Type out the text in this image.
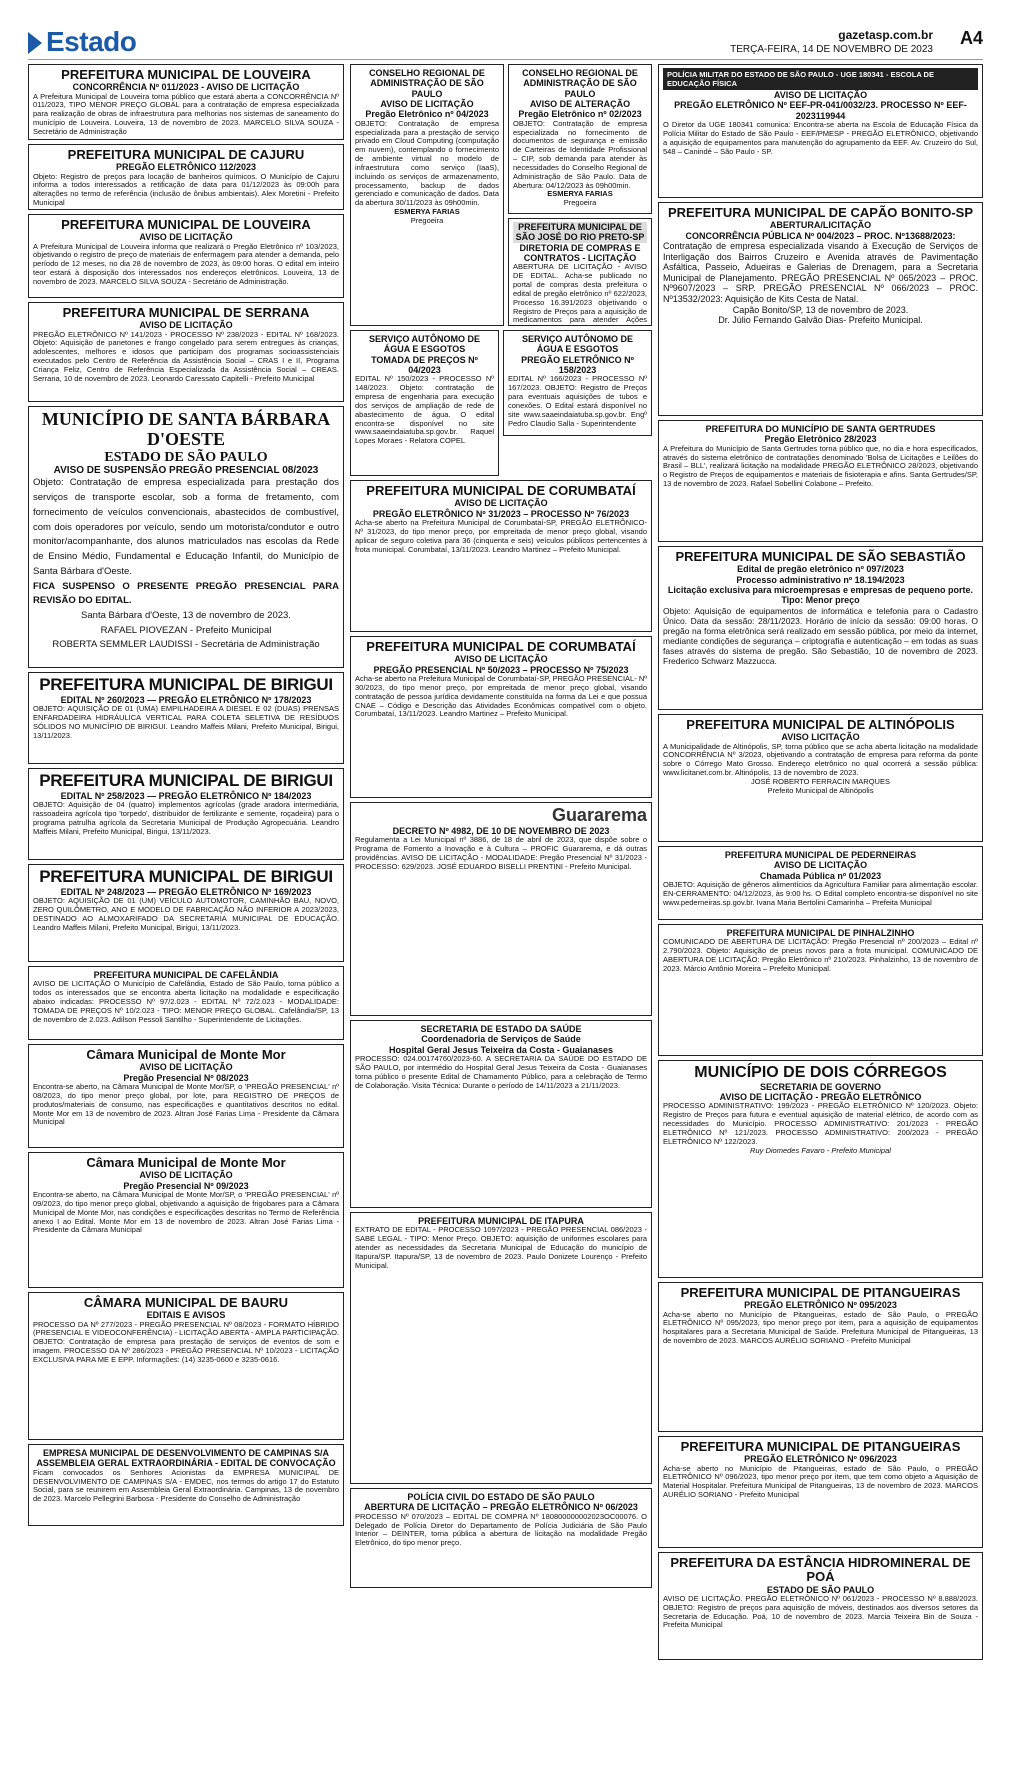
Estado	gazetasp.com.br
TERÇA-FEIRA, 14 DE NOVEMBRO DE 2023
A4
PREFEITURA MUNICIPAL DE LOUVEIRA
CONCORRÊNCIA Nº 011/2023 - AVISO DE LICITAÇÃO

A Prefeitura Municipal de Louveira torna público que estará aberta a CONCORRÊNCIA Nº 011/2023, TIPO MENOR PREÇO GLOBAL para a contratação de empresa especializada para realização de obras de infraestrutura para melhorias nos sistemas de saneamento do município de Louveira. Louveira, 13 de novembro de 2023. MARCELO SILVA SOUZA - Secretário de Administração

PREFEITURA MUNICIPAL DE CAJURU
PREGÃO ELETRÔNICO 112/2023

Objeto: Registro de preços para locação de banheiros químicos. O Município de Cajuru informa a todos interessados a retificação de data para 01/12/2023 às 09:00h para alterações no termo de referência (inclusão de ônibus ambientais). Alex Moretini - Prefeito Municipal

PREFEITURA MUNICIPAL DE LOUVEIRA
AVISO DE LICITAÇÃO

A Prefeitura Municipal de Louveira informa que realizará o Pregão Eletrônico nº 103/2023, objetivando o registro de preço de materiais de enfermagem para atender a demanda, pelo período de 12 meses, no dia 28 de novembro de 2023, às 09:00 horas. O edital em inteiro teor estará à disposição dos interessados nos endereços eletrônicos. Louveira, 13 de novembro de 2023. MARCELO SILVA SOUZA - Secretário de Administração.

PREFEITURA MUNICIPAL DE SERRANA
AVISO DE LICITAÇÃO

PREGÃO ELETRÔNICO Nº 141/2023 - PROCESSO Nº 238/2023 - EDITAL Nº 168/2023. Objeto: Aquisição de panetones e frango congelado para serem entregues às crianças, adolescentes, melhores e idosos que participam dos programas socioassistenciais executados pelo Centro de Referência da Assistência Social – CRAS I e II, Programa Criança Feliz, Centro de Referência Especializada da Assistência Social – CREAS. Serrana, 10 de novembro de 2023. Leonardo Caressato Capitelli - Prefeito Municipal

MUNICÍPIO DE SANTA BÁRBARA D'OESTE
ESTADO DE SÃO PAULO
AVISO DE SUSPENSÃO PREGÃO PRESENCIAL 08/2023

Objeto: Contratação de empresa especializada para prestação dos serviços de transporte escolar, sob a forma de fretamento, com fornecimento de veículos convencionais, abastecidos de combustível, com dois operadores por veículo, sendo um motorista/condutor e outro monitor/acompanhante, dos alunos matriculados nas escolas da Rede de Ensino Médio, Fundamental e Educação Infantil, do Município de Santa Bárbara d'Oeste.

FICA SUSPENSO O PRESENTE PREGÃO PRESENCIAL PARA REVISÃO DO EDITAL.

Santa Bárbara d'Oeste, 13 de novembro de 2023.

RAFAEL PIOVEZAN - Prefeito Municipal

ROBERTA SEMMLER LAUDISSI - Secretária de Administração

PREFEITURA MUNICIPAL DE BIRIGUI
EDITAL Nº 260/2023 — PREGÃO ELETRÔNICO Nº 178/2023

OBJETO: AQUISIÇÃO DE 01 (UMA) EMPILHADEIRA A DIESEL E 02 (DUAS) PRENSAS ENFARDADEIRA HIDRÁULICA VERTICAL PARA COLETA SELETIVA DE RESÍDUOS SÓLIDOS NO MUNICÍPIO DE BIRIGUI. Leandro Maffeis Milani, Prefeito Municipal, Birigui, 13/11/2023.

PREFEITURA MUNICIPAL DE BIRIGUI
EDITAL Nº 258/2023 — PREGÃO ELETRÔNICO Nº 184/2023

OBJETO: Aquisição de 04 (quatro) implementos agrícolas (grade aradora intermediária, rassoadeira agrícola tipo 'torpedo', distribuidor de fertilizante e semente, roçadeira) para o programa patrulha agrícola da Secretaria Municipal de Produção Agropecuária. Leandro Maffeis Milani, Prefeito Municipal, Birigui, 13/11/2023.

PREFEITURA MUNICIPAL DE BIRIGUI
EDITAL Nº 248/2023 — PREGÃO ELETRÔNICO Nº 169/2023

OBJETO: AQUISIÇÃO DE 01 (UM) VEÍCULO AUTOMOTOR, CAMINHÃO BAU, NOVO, ZERO QUILÔMETRO, ANO E MODELO DE FABRICAÇÃO NÃO INFERIOR A 2023/2023, DESTINADO AO ALMOXARIFADO DA SECRETARIA MUNICIPAL DE EDUCAÇÃO. Leandro Maffeis Milani, Prefeito Municipal, Birigui, 13/11/2023.

PREFEITURA MUNICIPAL DE CAFELÂNDIA

AVISO DE LICITAÇÃO O Município de Cafelândia, Estado de São Paulo, torna público a todos os interessados que se encontra aberta licitação na modalidade e especificação abaixo indicadas: PROCESSO Nº 97/2.023 - EDITAL Nº 72/2.023 - MODALIDADE: TOMADA DE PREÇOS Nº 10/2.023 - TIPO: MENOR PREÇO GLOBAL. Cafelândia/SP, 13 de novembro de 2.023. Adilson Pessoli Santilho - Superintendente de Licitações.

Câmara Municipal de Monte Mor
AVISO DE LICITAÇÃO
Pregão Presencial Nº 08/2023

Encontra-se aberto, na Câmara Municipal de Monte Mor/SP, o 'PREGÃO PRESENCIAL' nº 08/2023, do tipo menor preço global, por lote, para REGISTRO DE PREÇOS de produtos/materiais de consumo, nas especificações e quantitativos descritos no edital. Monte Mor em 13 de novembro de 2023. Altran José Farias Lima - Presidente da Câmara Municipal

Câmara Municipal de Monte Mor
AVISO DE LICITAÇÃO
Pregão Presencial Nº 09/2023

Encontra-se aberto, na Câmara Municipal de Monte Mor/SP, o 'PREGÃO PRESENCIAL' nº 09/2023, do tipo menor preço global, objetivando a aquisição de frigobares para a Câmara Municipal de Monte Mor, nas condições e especificações descritas no Termo de Referência anexo I ao Edital. Monte Mor em 13 de novembro de 2023. Altran José Farias Lima - Presidente da Câmara Municipal

CÂMARA MUNICIPAL DE BAURU
EDITAIS E AVISOS

PROCESSO DA Nº 277/2023 - PREGÃO PRESENCIAL Nº 08/2023 - FORMATO HÍBRIDO (PRESENCIAL E VIDEOCONFERÊNCIA) - LICITAÇÃO ABERTA - AMPLA PARTICIPAÇÃO. OBJETO: Contratação de empresa para prestação de serviços de eventos de som e imagem. PROCESSO DA Nº 286/2023 - PREGÃO PRESENCIAL Nº 10/2023 - LICITAÇÃO EXCLUSIVA PARA ME E EPP. Informações: (14) 3235-0600 e 3235-0616.

EMPRESA MUNICIPAL DE DESENVOLVIMENTO DE CAMPINAS S/A
ASSEMBLEIA GERAL EXTRAORDINÁRIA - EDITAL DE CONVOCAÇÃO

Ficam convocados os Senhores Acionistas da EMPRESA MUNICIPAL DE DESENVOLVIMENTO DE CAMPINAS S/A - EMDEC, nos termos do artigo 17 do Estatuto Social, para se reunirem em Assembleia Geral Extraordinária. Campinas, 13 de novembro de 2023. Marcelo Pellegrini Barbosa - Presidente do Conselho de Administração

CONSELHO REGIONAL DE ADMINISTRAÇÃO DE SÃO PAULO
AVISO DE LICITAÇÃO
Pregão Eletrônico nº 04/2023

OBJETO: Contratação de empresa especializada para a prestação de serviço privado em Cloud Computing (computação em nuvem), contemplando o fornecimento de ambiente virtual no modelo de infraestrutura como serviço (IaaS), incluindo os serviços de armazenamento, processamento, backup de dados gerenciado e comunicação de dados. Data da abertura 30/11/2023 às 09h00min.

ESMERYA FARIAS

Pregoeira

CONSELHO REGIONAL DE ADMINISTRAÇÃO DE SÃO PAULO
AVISO DE ALTERAÇÃO
Pregão Eletrônico nº 02/2023

OBJETO: Contratação de empresa especializada no fornecimento de documentos de segurança e emissão de Carteiras de Identidade Profissional – CIP, sob demanda para atender às necessidades do Conselho Regional de Administração de São Paulo. Data de Abertura: 04/12/2023 às 09h00min.

ESMERYA FARIAS

Pregoeira

PREFEITURA MUNICIPAL DE SÃO JOSÉ DO RIO PRETO-SP
DIRETORIA DE COMPRAS E CONTRATOS - LICITAÇÃO

ABERTURA DE LICITAÇÃO - AVISO DE EDITAL. Acha-se publicado no portal de compras desta prefeitura o edital de pregão eletrônico nº 622/2023, Processo 16.391/2023 objetivando o Registro de Preços para a aquisição de medicamentos para atender Ações

SERVIÇO AUTÔNOMO DE ÁGUA E ESGOTOS
TOMADA DE PREÇOS Nº 04/2023

EDITAL Nº 150/2023 - PROCESSO Nº 148/2023. Objeto: contratação de empresa de engenharia para execução dos serviços de ampliação de rede de abastecimento de água. O edital encontra-se disponível no site www.saaeindaiatuba.sp.gov.br. Raquel Lopes Moraes - Relatora COPEL

SERVIÇO AUTÔNOMO DE ÁGUA E ESGOTOS
PREGÃO ELETRÔNICO Nº 158/2023

EDITAL Nº 166/2023 - PROCESSO Nº 167/2023. OBJETO: Registro de Preços para eventuais aquisições de tubos e conexões. O Edital estará disponível no site www.saaeindaiatuba.sp.gov.br. Engº Pedro Claudio Salla - Superintendente

PREFEITURA MUNICIPAL DE CORUMBATAÍ
AVISO DE LICITAÇÃO
PREGÃO ELETRÔNICO Nº 31/2023 – PROCESSO Nº 76/2023

Acha-se aberto na Prefeitura Municipal de Corumbataí-SP, PREGÃO ELETRÔNICO- Nº 31/2023, do tipo menor preço, por empreitada de menor preço global, visando aplicar de seguro coletiva para 36 (cinquenta e seis) veículos públicos pertencentes à frota municipal. Corumbataí, 13/11/2023. Leandro Martinez – Prefeito Municipal.

PREFEITURA MUNICIPAL DE CORUMBATAÍ
AVISO DE LICITAÇÃO
PREGÃO PRESENCIAL Nº 50/2023 – PROCESSO Nº 75/2023

Acha-se aberto na Prefeitura Municipal de Corumbataí-SP, PREGÃO PRESENCIAL- Nº 30/2023, do tipo menor preço, por empreitada de menor preço global, visando contratação de pessoa jurídica devidamente constituída na forma da Lei e que possua CNAE – Código e Descrição das Atividades Econômicas compatível com o objeto. Corumbataí, 13/11/2023. Leandro Martinez – Prefeito Municipal.

Guararema
DECRETO Nº 4982, DE 10 DE NOVEMBRO DE 2023

Regulamenta a Lei Municipal nº 3886, de 18 de abril de 2023, que dispõe sobre o Programa de Fomento a Inovação e à Cultura – PROFIC Guararema, e dá outras providências. AVISO DE LICITAÇÃO - MODALIDADE: Pregão Presencial Nº 31/2023 - PROCESSO: 629/2023. JOSÉ EDUARDO BISELLI PRENTINI - Prefeito Municipal.

SECRETARIA DE ESTADO DA SAÚDE
Coordenadoria de Serviços de Saúde
Hospital Geral Jesus Teixeira da Costa - Guaianases

PROCESSO: 024.00174760/2023-60. A SECRETARIA DA SAÚDE DO ESTADO DE SÃO PAULO, por intermédio do Hospital Geral Jesus Teixeira da Costa - Guaianases torna público o presente Edital de Chamamento Público, para a celebração de Termo de Colaboração. Visita Técnica: Durante o período de 14/11/2023 a 21/11/2023.

PREFEITURA MUNICIPAL DE ITAPURA

EXTRATO DE EDITAL - PROCESSO 1097/2023 - PREGÃO PRESENCIAL 086/2023 - SABE LEGAL - TIPO: Menor Preço. OBJETO: aquisição de uniformes escolares para atender as necessidades da Secretaria Municipal de Educação do município de Itapura/SP. Itapura/SP, 13 de novembro de 2023. Paulo Donizete Lourenço - Prefeito Municipal.

POLÍCIA CIVIL DO ESTADO DE SÃO PAULO
ABERTURA DE LICITAÇÃO – PREGÃO ELETRÔNICO Nº 06/2023

PROCESSO Nº 070/2023 – EDITAL DE COMPRA Nº 180800000002023OC00076. O Delegado de Polícia Diretor do Departamento de Polícia Judiciária de São Paulo Interior – DEINTER, torna pública a abertura de licitação na modalidade Pregão Eletrônico, do tipo menor preço.

POLÍCIA MILITAR DO ESTADO DE SÃO PAULO - UGE 180341 - ESCOLA DE EDUCAÇÃO FÍSICA
AVISO DE LICITAÇÃO
PREGÃO ELETRÔNICO Nº EEF-PR-041/0032/23. PROCESSO Nº EEF-2023119944

O Diretor da UGE 180341 comunica: Encontra-se aberta na Escola de Educação Física da Polícia Militar do Estado de São Paulo - EEF/PMESP - PREGÃO ELETRÔNICO, objetivando a aquisição de equipamentos para manutenção do agrupamento da EEF. Av. Cruzeiro do Sul, 548 – Canindé – São Paulo - SP.

PREFEITURA MUNICIPAL DE CAPÃO BONITO-SP
ABERTURA/LICITAÇÃO
CONCORRÊNCIA PÚBLICA Nº 004/2023 – PROC. Nº13688/2023:

Contratação de empresa especializada visando à Execução de Serviços de Interligação dos Bairros Cruzeiro e Avenida através de Pavimentação Asfáltica, Passeio, Adueiras e Galerias de Drenagem, para a Secretaria Municipal de Planejamento. PREGÃO PRESENCIAL Nº 065/2023 – PROC. Nº9607/2023 – SRP. PREGÃO PRESENCIAL Nº 066/2023 – PROC. Nº13532/2023: Aquisição de Kits Cesta de Natal.

Capão Bonito/SP, 13 de novembro de 2023.

Dr. Júlio Fernando Galvão Dias- Prefeito Municipal.

PREFEITURA DO MUNICÍPIO DE SANTA GERTRUDES
Pregão Eletrônico 28/2023

A Prefeitura do Município de Santa Gertrudes torna público que, no dia e hora especificados, através do sistema eletrônico de contratações denominado 'Bolsa de Licitações e Leilões do Brasil – BLL', realizará licitação na modalidade PREGÃO ELETRÔNICO 28/2023, objetivando o Registro de Preços de equipamentos e materiais de fisioterapia e afins. Santa Gertrudes/SP, 13 de novembro de 2023. Rafael Sobellini Colabone – Prefeito.

PREFEITURA MUNICIPAL DE SÃO SEBASTIÃO
Edital de pregão eletrônico nº 097/2023
Processo administrativo nº 18.194/2023
Licitação exclusiva para microempresas e empresas de pequeno porte. Tipo: Menor preço

Objeto: Aquisição de equipamentos de informática e telefonia para o Cadastro Único. Data da sessão: 28/11/2023. Horário de início da sessão: 09:00 horas. O pregão na forma eletrônica será realizado em sessão pública, por meio da internet, mediante condições de segurança – criptografia e autenticação – em todas as suas fases através do sistema de pregão. São Sebastião, 10 de novembro de 2023. Frederico Schwarz Mazzucca.

PREFEITURA MUNICIPAL DE ALTINÓPOLIS
AVISO LICITAÇÃO

A Municipalidade de Altinópolis, SP, torna público que se acha aberta licitação na modalidade CONCORRÊNCIA Nº 3/2023, objetivando a contratação de empresa para reforma da ponte sobre o Córrego Mato Grosso. Endereço eletrônico no qual ocorrerá a sessão pública: www.licitanet.com.br. Altinópolis, 13 de novembro de 2023.

JOSÉ ROBERTO FERRACIN MARQUES

Prefeito Municipal de Altinópolis

PREFEITURA MUNICIPAL DE PEDERNEIRAS
AVISO DE LICITAÇÃO
Chamada Pública nº 01/2023

OBJETO: Aquisição de gêneros alimentícios da Agricultura Familiar para alimentação escolar. EN-CERRAMENTO: 04/12/2023, às 9:00 hs. O Edital completo encontra-se disponível no site www.pederneiras.sp.gov.br. Ivana Maria Bertolini Camarinha – Prefeita Municipal

PREFEITURA MUNICIPAL DE PINHALZINHO

COMUNICADO DE ABERTURA DE LICITAÇÃO: Pregão Presencial nº 200/2023 – Edital nº 2.790/2023. Objeto: Aquisição de pneus novos para a frota municipal. COMUNICADO DE ABERTURA DE LICITAÇÃO: Pregão Eletrônico nº 210/2023. Pinhalzinho, 13 de novembro de 2023. Márcio Antônio Moreira – Prefeito Municipal.

MUNICÍPIO DE DOIS CÓRREGOS
SECRETARIA DE GOVERNO
AVISO DE LICITAÇÃO - PREGÃO ELETRÔNICO

PROCESSO ADMINISTRATIVO: 199/2023 - PREGÃO ELETRÔNICO Nº 120/2023. Objeto: Registro de Preços para futura e eventual aquisição de material elétrico, de acordo com as necessidades do Município. PROCESSO ADMINISTRATIVO: 201/2023 - PREGÃO ELETRÔNICO Nº 121/2023. PROCESSO ADMINISTRATIVO: 200/2023 - PREGÃO ELETRÔNICO Nº 122/2023.

Ruy Diomedes Favaro - Prefeito Municipal

PREFEITURA MUNICIPAL DE PITANGUEIRAS
PREGÃO ELETRÔNICO Nº 095/2023

Acha-se aberto no Município de Pitangueiras, estado de São Paulo, o PREGÃO ELETRÔNICO Nº 095/2023, tipo menor preço por item, para a aquisição de equipamentos hospitalares para a Secretaria Municipal de Saúde. Prefeitura Municipal de Pitangueiras, 13 de novembro de 2023. MARCOS AURÉLIO SORIANO - Prefeito Municipal

PREFEITURA MUNICIPAL DE PITANGUEIRAS
PREGÃO ELETRÔNICO Nº 096/2023

Acha-se aberto no Município de Pitangueiras, estado de São Paulo, o PREGÃO ELETRÔNICO Nº 096/2023, tipo menor preço por item, que tem como objeto a Aquisição de Material Hospitalar. Prefeitura Municipal de Pitangueiras, 13 de novembro de 2023. MARCOS AURÉLIO SORIANO - Prefeito Municipal

PREFEITURA DA ESTÂNCIA HIDROMINERAL DE POÁ
ESTADO DE SÃO PAULO

AVISO DE LICITAÇÃO. PREGÃO ELETRÔNICO Nº 061/2023 - PROCESSO Nº 8.888/2023. OBJETO: Registro de preços para aquisição de móveis, destinados aos diversos setores da Secretaria de Educação. Poá, 10 de novembro de 2023. Marcia Teixeira Bin de Souza - Prefeita Municipal
